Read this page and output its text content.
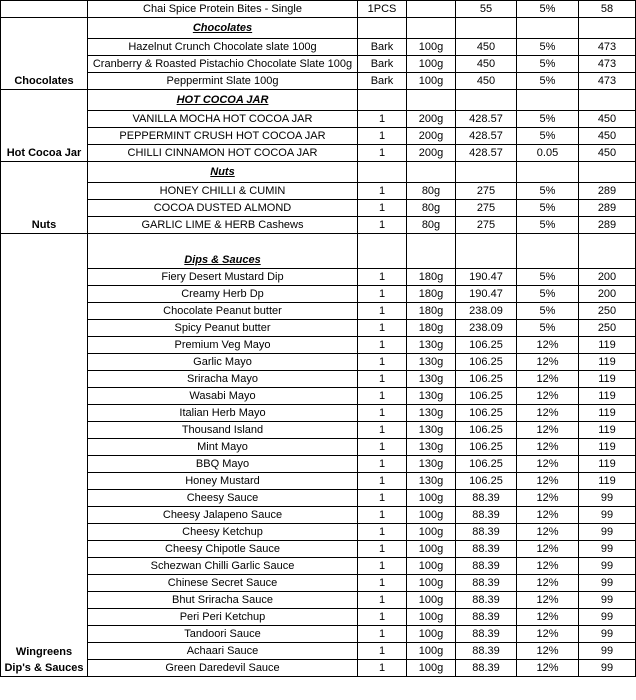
	Chai Spice Protein Bites - Single	1PCS		55	5%	58
Chocolates	Chocolates					
	Hazelnut Crunch Chocolate slate 100g	Bark	100g	450	5%	473
	Cranberry & Roasted Pistachio Chocolate Slate 100g	Bark	100g	450	5%	473
	Peppermint Slate 100g	Bark	100g	450	5%	473
Hot Cocoa Jar	HOT COCOA JAR					
	VANILLA MOCHA HOT COCOA JAR	1	200g	428.57	5%	450
	PEPPERMINT CRUSH HOT COCOA JAR	1	200g	428.57	5%	450
	CHILLI CINNAMON HOT COCOA JAR	1	200g	428.57	0.05	450
Nuts	Nuts					
	HONEY CHILLI & CUMIN	1	80g	275	5%	289
	COCOA DUSTED ALMOND	1	80g	275	5%	289
	GARLIC LIME & HERB Cashews	1	80g	275	5%	289

Wingreens
Dip's & Sauces	Dips & Sauces					
	Fiery Desert Mustard Dip	1	180g	190.47	5%	200
	Creamy Herb Dp	1	180g	190.47	5%	200
	Chocolate Peanut butter	1	180g	238.09	5%	250
	Spicy Peanut butter	1	180g	238.09	5%	250
	Premium Veg Mayo	1	130g	106.25	12%	119
	Garlic Mayo	1	130g	106.25	12%	119
	Sriracha Mayo	1	130g	106.25	12%	119
	Wasabi Mayo	1	130g	106.25	12%	119
	Italian Herb Mayo	1	130g	106.25	12%	119
	Thousand Island	1	130g	106.25	12%	119
	Mint Mayo	1	130g	106.25	12%	119
	BBQ Mayo	1	130g	106.25	12%	119
	Honey Mustard	1	130g	106.25	12%	119
	Cheesy Sauce	1	100g	88.39	12%	99
	Cheesy Jalapeno Sauce	1	100g	88.39	12%	99
	Cheesy Ketchup	1	100g	88.39	12%	99
	Cheesy Chipotle Sauce	1	100g	88.39	12%	99
	Schezwan Chilli Garlic Sauce	1	100g	88.39	12%	99
	Chinese Secret Sauce	1	100g	88.39	12%	99
	Bhut Sriracha Sauce	1	100g	88.39	12%	99
	Peri Peri Ketchup	1	100g	88.39	12%	99
	Tandoori Sauce	1	100g	88.39	12%	99
	Achaari Sauce	1	100g	88.39	12%	99
	Green Daredevil Sauce	1	100g	88.39	12%	99
